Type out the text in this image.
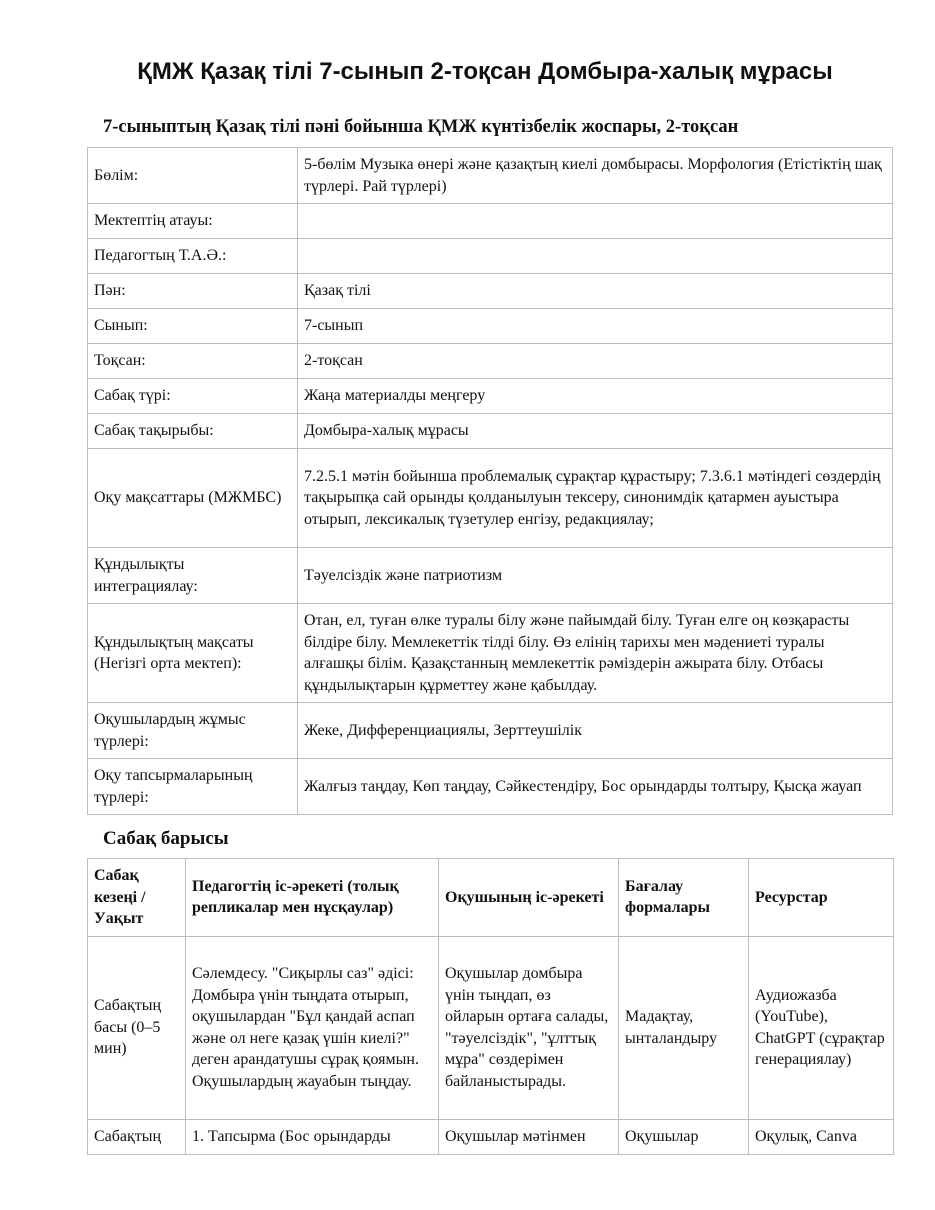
ҚМЖ Қазақ тілі 7-сынып 2-тоқсан Домбыра-халық мұрасы
7-сыныптың Қазақ тілі пәні бойынша ҚМЖ күнтізбелік жоспары, 2-тоқсан
Бөлім:	5-бөлім Музыка өнері және қазақтың киелі домбырасы. Морфология (Етістіктің шақ түрлері. Рай түрлері)
Мектептің атауы:	
Педагогтың Т.А.Ә.:	
Пән:	Қазақ тілі
Сынып:	7-сынып
Тоқсан:	2-тоқсан
Сабақ түрі:	Жаңа материалды меңгеру
Сабақ тақырыбы:	Домбыра-халық мұрасы
Оқу мақсаттары (МЖМБС)	7.2.5.1 мәтін бойынша проблемалық сұрақтар құрастыру; 7.3.6.1 мәтіндегі сөздердің тақырыпқа сай орынды қолданылуын тексеру, синонимдік қатармен ауыстыра отырып, лексикалық түзетулер енгізу, редакциялау;
Құндылықты интеграциялау:	Тәуелсіздік және патриотизм
Құндылықтың мақсаты (Негізгі орта мектеп):	Отан, ел, туған өлке туралы білу және пайымдай білу. Туған елге оң көзқарасты білдіре білу. Мемлекеттік тілді білу. Өз елінің тарихы мен мәдениеті туралы алғашқы білім. Қазақстанның мемлекеттік рәміздерін ажырата білу. Отбасы құндылықтарын құрметтеу және қабылдау.
Оқушылардың жұмыс түрлері:	Жеке, Дифференциациялы, Зерттеушілік
Оқу тапсырмаларының түрлері:	Жалғыз таңдау, Көп таңдау, Сәйкестендіру, Бос орындарды толтыру, Қысқа жауап
Сабақ барысы
Сабақ кезеңі / Уақыт	Педагогтің іс-әрекеті (толық репликалар мен нұсқаулар)	Оқушының іс-әрекеті	Бағалау формалары	Ресурстар
Сабақтың басы (0–5 мин)	Сәлемдесу. "Сиқырлы саз" әдісі: Домбыра үнін тыңдата отырып, оқушылардан "Бұл қандай аспап және ол неге қазақ үшін киелі?" деген арандатушы сұрақ қоямын. Оқушылардың жауабын тыңдау.	Оқушылар домбыра үнін тыңдап, өз ойларын ортаға салады, "тәуелсіздік", "ұлттық мұра" сөздерімен байланыстырады.	Мадақтау, ынталандыру	Аудиожазба (YouTube), ChatGPT (сұрақтар генерациялау)
Сабақтың	1. Тапсырма (Бос орындарды	Оқушылар мәтінмен	Оқушылар	Оқулық, Canva
